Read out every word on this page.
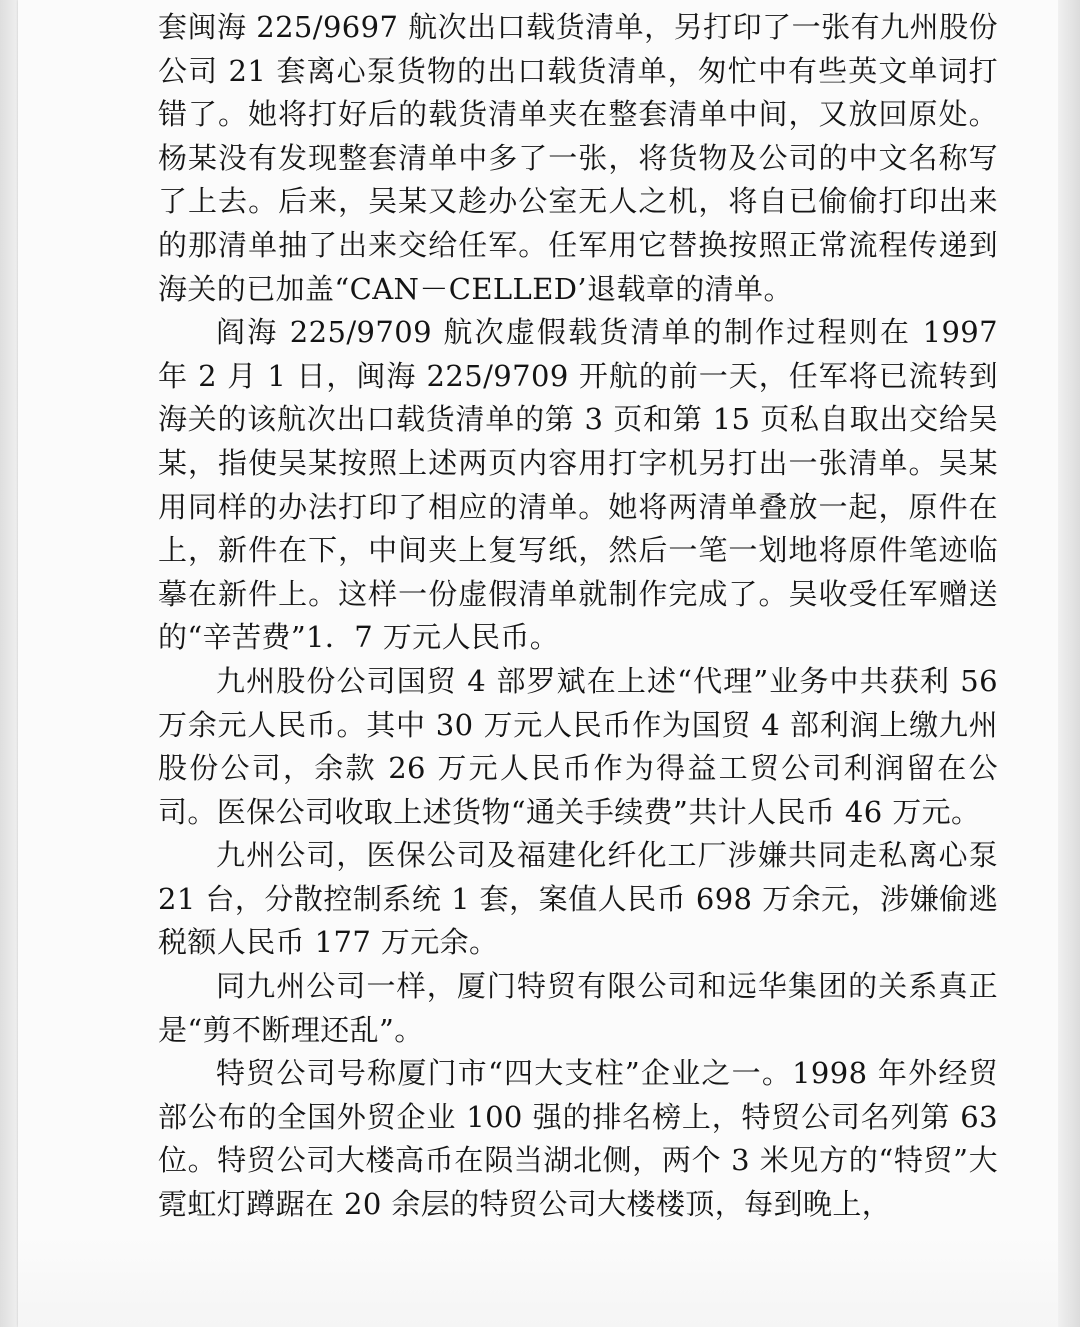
套闽海 225/9697 航次出口载货清单，另打印了一张有九州股份公司 21 套离心泵货物的出口载货清单，匆忙中有些英文单词打错了。她将打好后的载货清单夹在整套清单中间，又放回原处。杨某没有发现整套清单中多了一张，将货物及公司的中文名称写了上去。后来，吴某又趁办公室无人之机，将自已偷偷打印出来的那清单抽了出来交给任军。任军用它替换按照正常流程传递到海关的已加盖“CAN－CELLED’退载章的清单。

阎海 225/9709 航次虚假载货清单的制作过程则在 1997 年 2 月 1 日，闽海 225/9709 开航的前一天，任军将已流转到海关的该航次出口载货清单的第 3 页和第 15 页私自取出交给吴某，指使吴某按照上述两页内容用打字机另打出一张清单。吴某用同样的办法打印了相应的清单。她将两清单叠放一起，原件在上，新件在下，中间夹上复写纸，然后一笔一划地将原件笔迹临摹在新件上。这样一份虚假清单就制作完成了。吴收受任军赠送的“辛苦费”1．7 万元人民币。

九州股份公司国贸 4 部罗斌在上述“代理”业务中共获利 56 万余元人民币。其中 30 万元人民币作为国贸 4 部利润上缴九州股份公司，余款 26 万元人民币作为得益工贸公司利润留在公司。医保公司收取上述货物“通关手续费”共计人民币 46 万元。

九州公司，医保公司及福建化纤化工厂涉嫌共同走私离心泵 21 台，分散控制系统 1 套，案值人民币 698 万余元，涉嫌偷逃税额人民币 177 万元余。

同九州公司一样，厦门特贸有限公司和远华集团的关系真正是“剪不断理还乱”。

特贸公司号称厦门市“四大支柱”企业之一。1998 年外经贸部公布的全国外贸企业 100 强的排名榜上，特贸公司名列第 63 位。特贸公司大楼高币在陨当湖北侧，两个 3 米见方的“特贸”大霓虹灯蹲踞在 20 余层的特贸公司大楼楼顶，每到晚上，
